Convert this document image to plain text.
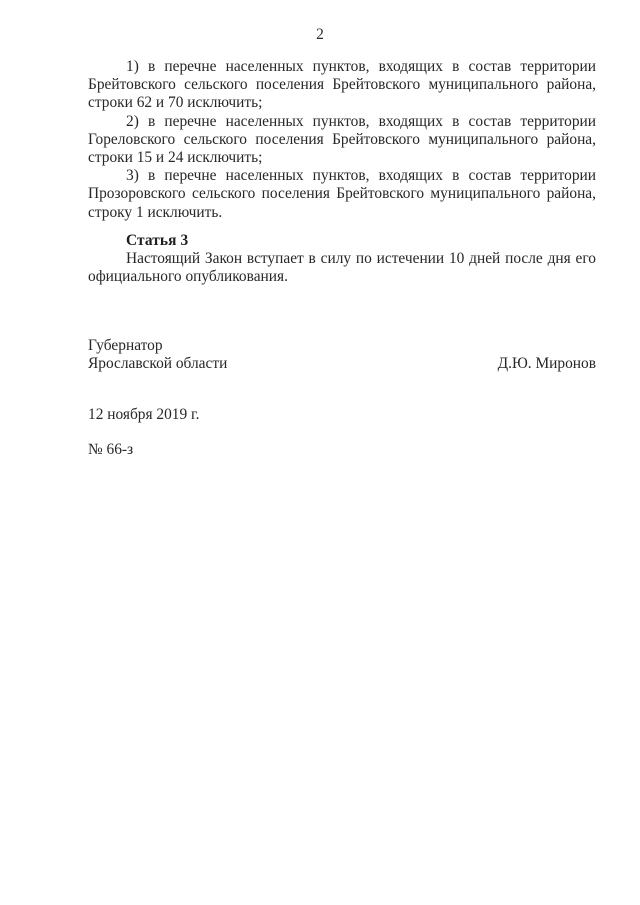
2

1) в перечне населенных пунктов, входящих в состав территории Брейтовского сельского поселения Брейтовского муниципального района, строки 62 и 70 исключить;

2) в перечне населенных пунктов, входящих в состав территории Гореловского сельского поселения Брейтовского муниципального района, строки 15 и 24 исключить;

3) в перечне населенных пунктов, входящих в состав территории Прозоровского сельского поселения Брейтовского муниципального района, строку 1 исключить.

Статья 3

Настоящий Закон вступает в силу по истечении 10 дней после дня его официального опубликования.

Губернатор
Ярославской области	Д.Ю. Миронов
12 ноября 2019 г.
№ 66-з
